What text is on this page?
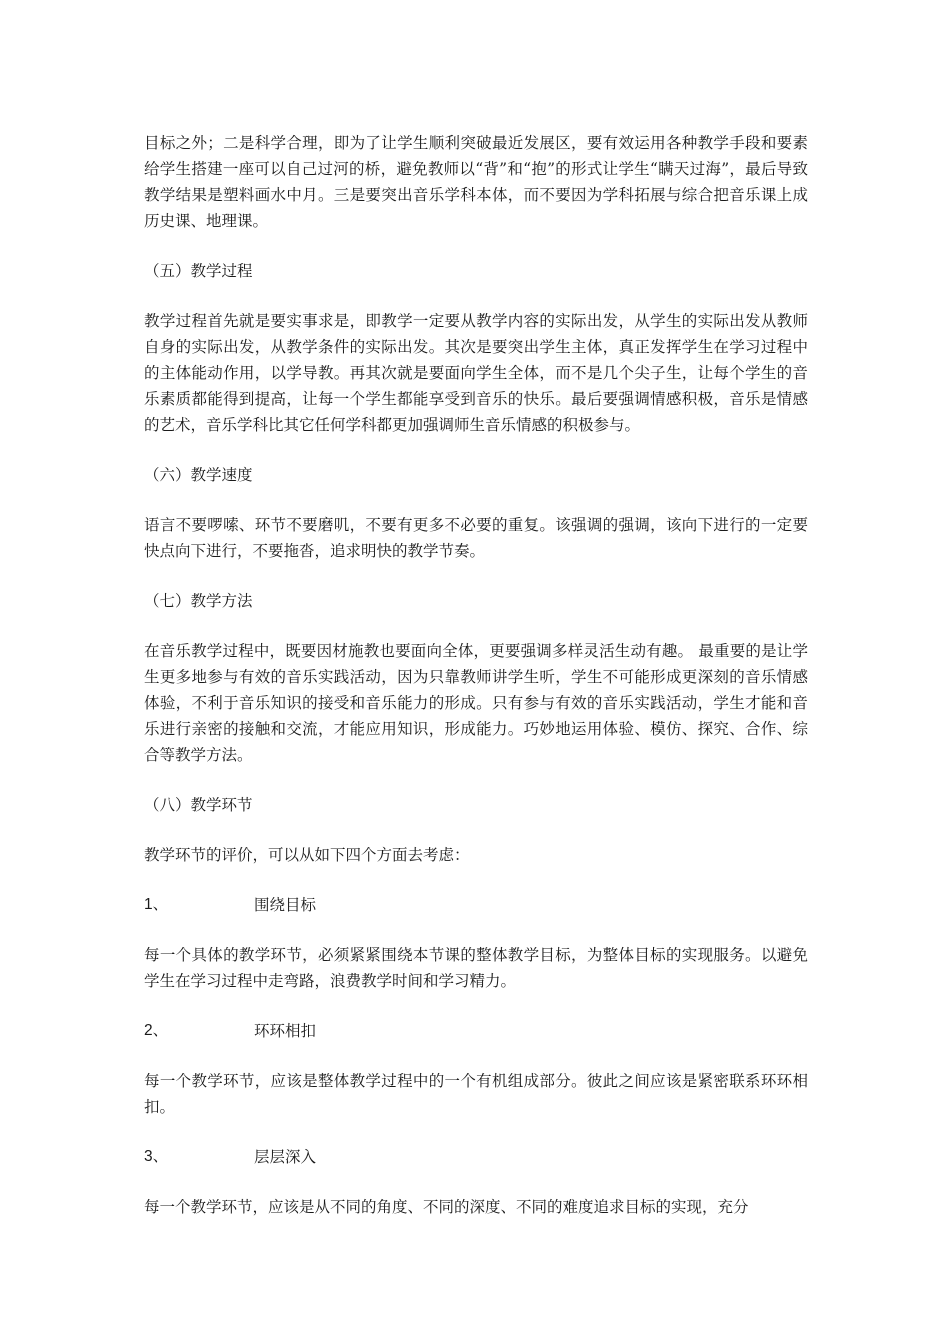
目标之外；二是科学合理，即为了让学生顺利突破最近发展区，要有效运用各种教学手段和要素给学生搭建一座可以自己过河的桥，避免教师以“背”和“抱”的形式让学生“瞒天过海”，最后导致教学结果是塑料画水中月。三是要突出音乐学科本体，而不要因为学科拓展与综合把音乐课上成历史课、地理课。

（五）教学过程

教学过程首先就是要实事求是，即教学一定要从教学内容的实际出发，从学生的实际出发从教师自身的实际出发，从教学条件的实际出发。其次是要突出学生主体，真正发挥学生在学习过程中的主体能动作用，以学导教。再其次就是要面向学生全体，而不是几个尖子生，让每个学生的音乐素质都能得到提高，让每一个学生都能享受到音乐的快乐。最后要强调情感积极，音乐是情感的艺术，音乐学科比其它任何学科都更加强调师生音乐情感的积极参与。

（六）教学速度

语言不要啰嗦、环节不要磨叽，不要有更多不必要的重复。该强调的强调，该向下进行的一定要快点向下进行，不要拖沓，追求明快的教学节奏。

（七）教学方法

在音乐教学过程中，既要因材施教也要面向全体，更要强调多样灵活生动有趣。 最重要的是让学生更多地参与有效的音乐实践活动，因为只靠教师讲学生听，学生不可能形成更深刻的音乐情感体验，不利于音乐知识的接受和音乐能力的形成。只有参与有效的音乐实践活动，学生才能和音乐进行亲密的接触和交流，才能应用知识，形成能力。巧妙地运用体验、模仿、探究、合作、综合等教学方法。

（八）教学环节

教学环节的评价，可以从如下四个方面去考虑：

1、	围绕目标

每一个具体的教学环节，必须紧紧围绕本节课的整体教学目标，为整体目标的实现服务。以避免学生在学习过程中走弯路，浪费教学时间和学习精力。

2、	环环相扣

每一个教学环节，应该是整体教学过程中的一个有机组成部分。彼此之间应该是紧密联系环环相扣。

3、	层层深入

每一个教学环节，应该是从不同的角度、不同的深度、不同的难度追求目标的实现，充分
